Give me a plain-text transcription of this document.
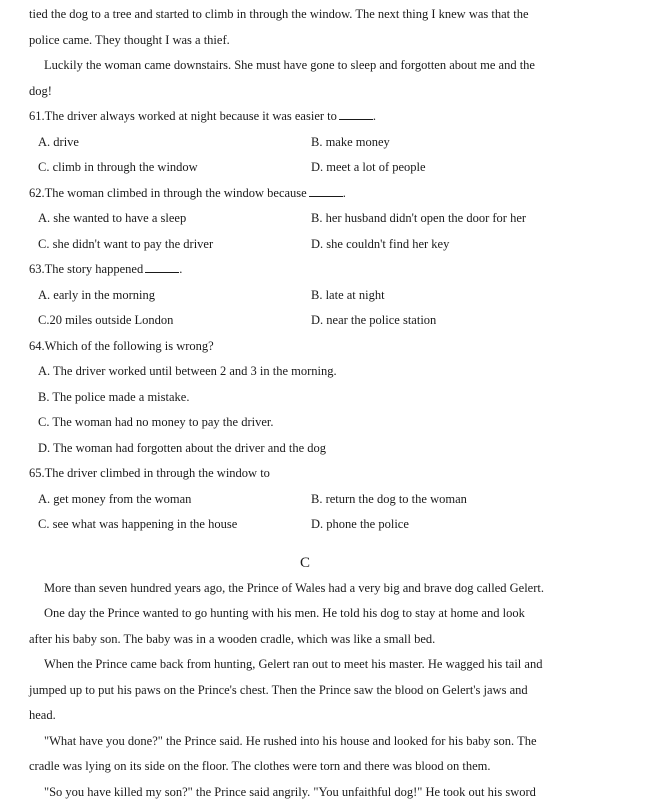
tied the dog to a tree and started to climb in through the window. The next thing I knew was that the
police came. They thought I was a thief.
Luckily the woman came downstairs. She must have gone to sleep and forgotten about me and the
dog!
61.The driver always worked at night because it was easier to	.
A. drive	B. make money
C. climb in through the window	D. meet a lot of people
62.The woman climbed in through the window because	.
A. she wanted to have a sleep	B. her husband didn't open the door for her
C. she didn't want to pay the driver	D. she couldn't find her key
63.The story happened	.
A. early in the morning	B. late at night
C.20 miles outside London	D. near the police station
64.Which of the following is wrong?
A. The driver worked until between 2 and 3 in the morning.
B. The police made a mistake.
C. The woman had no money to pay the driver.
D. The woman had forgotten about the driver and the dog
65.The driver climbed in through the window to
A. get money from the woman	B. return the dog to the woman
C. see what was happening in the house	D. phone the police
C
More than seven hundred years ago, the Prince of Wales had a very big and brave dog called Gelert.
One day the Prince wanted to go hunting with his men. He told his dog to stay at home and look
after his baby son. The baby was in a wooden cradle, which was like a small bed.
When the Prince came back from hunting, Gelert ran out to meet his master. He wagged his tail and
jumped up to put his paws on the Prince's chest. Then the Prince saw the blood on Gelert's jaws and
head.
"What have you done?" the Prince said. He rushed into his house and looked for his baby son. The
cradle was lying on its side on the floor. The clothes were torn and there was blood on them.
"So you have killed my son?" the Prince said angrily. "You unfaithful dog!" He took out his sword
